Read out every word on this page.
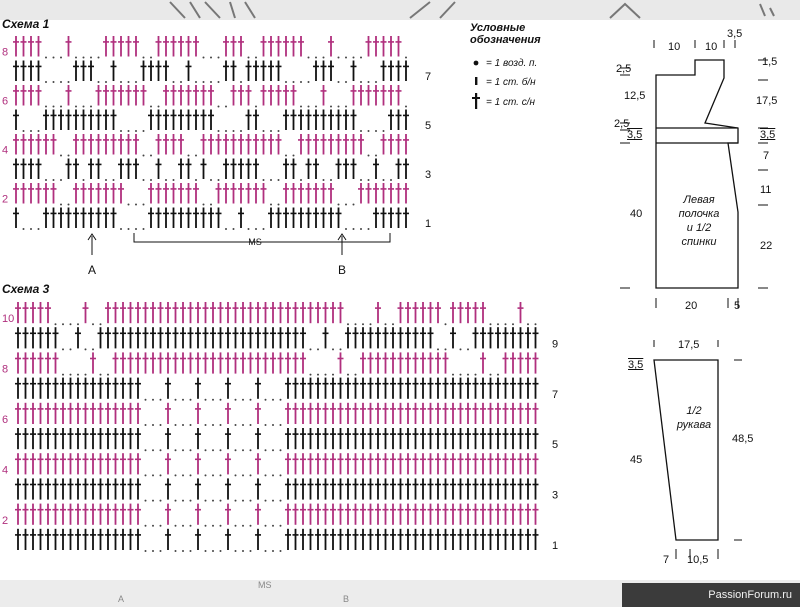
Схема 1
8
7
6
5
4
3
2
1
MS
A	B
Условные
обозначения
= 1 возд. п.
= 1 ст. б/н
= 1 ст. с/н
Схема 3
10
9
8
7
6
5
4
3
2
1
10 10
3,5
2,5
12,5
2,5
3,5
40
1,5
17,5
3,5
7
11
22
20	5
Левая
полочка
и 1/2
спинки
17,5
3,5
45
48,5
7 10,5
1/2
рукава
MS
A	B	PassionForum.ru
